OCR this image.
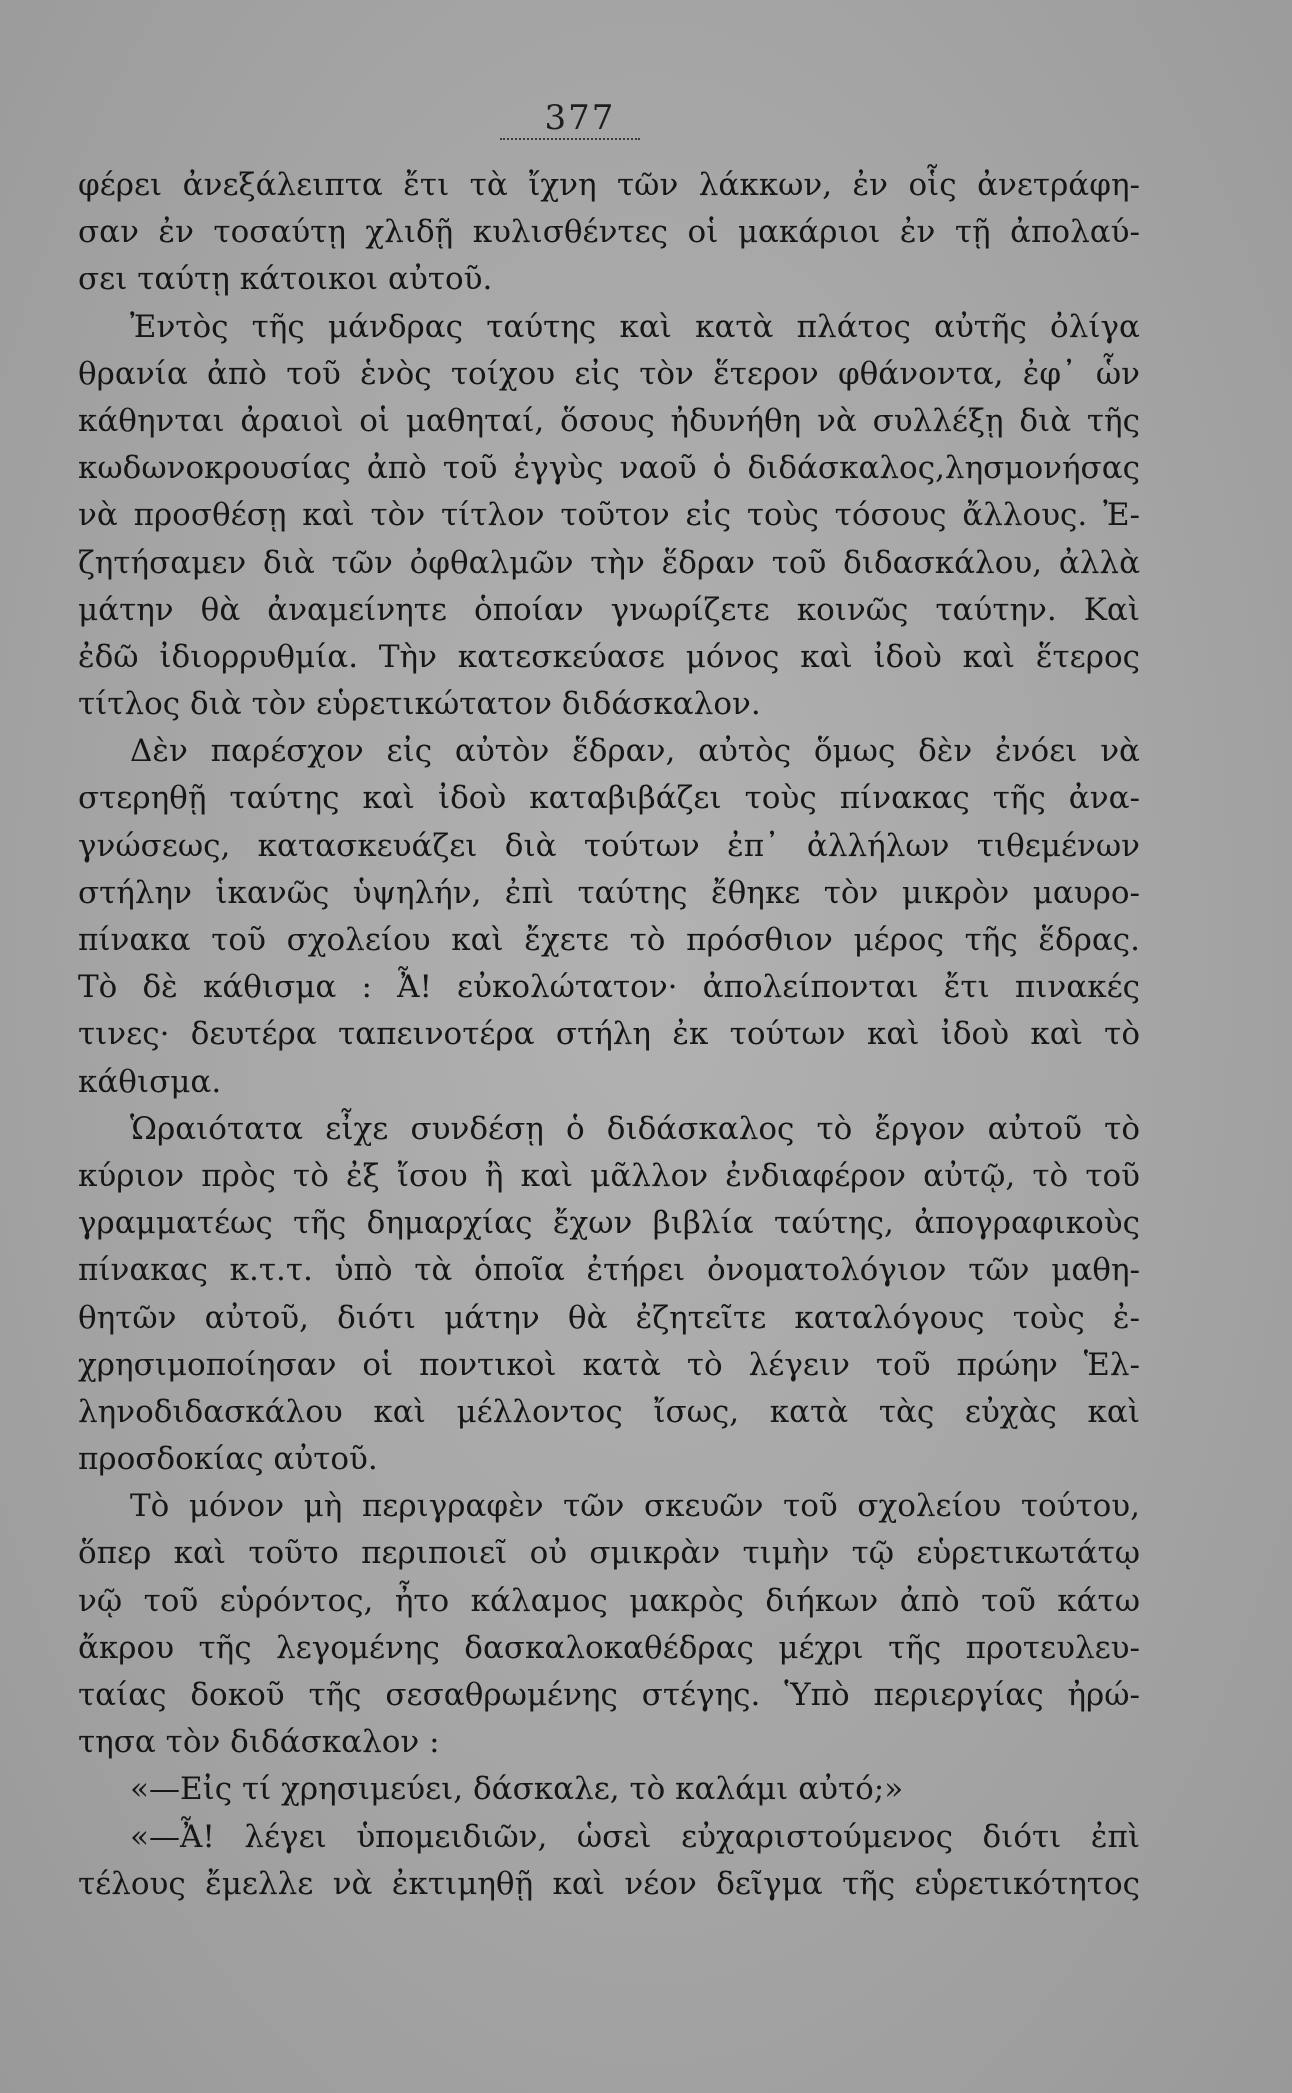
377
φέρει ἀνεξάλειπτα ἔτι τὰ ἴχνη τῶν λάκκων, ἐν οἷς ἀνετράφη-
σαν ἐν τοσαύτῃ χλιδῇ κυλισθέντες οἱ μακάριοι ἐν τῇ ἀπολαύ-
σει ταύτῃ κάτοικοι αὐτοῦ.
Ἐντὸς τῆς μάνδρας ταύτης καὶ κατὰ πλάτος αὐτῆς ὀλίγα
θρανία ἀπὸ τοῦ ἑνὸς τοίχου εἰς τὸν ἕτερον φθάνοντα, ἐφ᾽ ὧν
κάθηνται ἀραιοὶ οἱ μαθηταί, ὅσους ἠδυνήθη νὰ συλλέξῃ διὰ τῆς
κωδωνοκρουσίας ἀπὸ τοῦ ἐγγὺς ναοῦ ὁ διδάσκαλος,λησμονήσας
νὰ προσθέσῃ καὶ τὸν τίτλον τοῦτον εἰς τοὺς τόσους ἄλλους. Ἐ-
ζητήσαμεν διὰ τῶν ὀφθαλμῶν τὴν ἕδραν τοῦ διδασκάλου, ἀλλὰ
μάτην θὰ ἀναμείνητε ὁποίαν γνωρίζετε κοινῶς ταύτην. Καὶ
ἐδῶ ἰδιορρυθμία. Τὴν κατεσκεύασε μόνος καὶ ἰδοὺ καὶ ἕτερος
τίτλος διὰ τὸν εὑρετικώτατον διδάσκαλον.
Δὲν παρέσχον εἰς αὐτὸν ἕδραν, αὐτὸς ὅμως δὲν ἐνόει νὰ
στερηθῇ ταύτης καὶ ἰδοὺ καταβιβάζει τοὺς πίνακας τῆς ἀνα-
γνώσεως, κατασκευάζει διὰ τούτων ἐπ᾽ ἀλλήλων τιθεμένων
στήλην ἱκανῶς ὑψηλήν, ἐπὶ ταύτης ἔθηκε τὸν μικρὸν μαυρο-
πίνακα τοῦ σχολείου καὶ ἔχετε τὸ πρόσθιον μέρος τῆς ἕδρας.
Τὸ δὲ κάθισμα : Ἆ! εὐκολώτατον· ἀπολείπονται ἔτι πινακές
τινες· δευτέρα ταπεινοτέρα στήλη ἐκ τούτων καὶ ἰδοὺ καὶ τὸ
κάθισμα.
Ὡραιότατα εἶχε συνδέσῃ ὁ διδάσκαλος τὸ ἔργον αὐτοῦ τὸ
κύριον πρὸς τὸ ἐξ ἴσου ἢ καὶ μᾶλλον ἐνδιαφέρον αὐτῷ, τὸ τοῦ
γραμματέως τῆς δημαρχίας ἔχων βιβλία ταύτης, ἀπογραφικοὺς
πίνακας κ.τ.τ. ὑπὸ τὰ ὁποῖα ἐτήρει ὀνοματολόγιον τῶν μαθη-
θητῶν αὐτοῦ, διότι μάτην θὰ ἐζητεῖτε καταλόγους τοὺς ἐ-
χρησιμοποίησαν οἱ ποντικοὶ κατὰ τὸ λέγειν τοῦ πρώην Ἑλ-
ληνοδιδασκάλου καὶ μέλλοντος ἴσως, κατὰ τὰς εὐχὰς καὶ
προσδοκίας αὐτοῦ.
Τὸ μόνον μὴ περιγραφὲν τῶν σκευῶν τοῦ σχολείου τούτου,
ὅπερ καὶ τοῦτο περιποιεῖ οὐ σμικρὰν τιμὴν τῷ εὑρετικωτάτῳ
νῷ τοῦ εὑρόντος, ἦτο κάλαμος μακρὸς διήκων ἀπὸ τοῦ κάτω
ἄκρου τῆς λεγομένης δασκαλοκαθέδρας μέχρι τῆς προτευλευ-
ταίας δοκοῦ τῆς σεσαθρωμένης στέγης. Ὑπὸ περιεργίας ἠρώ-
τησα τὸν διδάσκαλον :
«—Εἰς τί χρησιμεύει, δάσκαλε, τὸ καλάμι αὐτό;»
«—Ἆ! λέγει ὑπομειδιῶν, ὡσεὶ εὐχαριστούμενος διότι ἐπὶ
τέλους ἔμελλε νὰ ἐκτιμηθῇ καὶ νέον δεῖγμα τῆς εὑρετικότητος
